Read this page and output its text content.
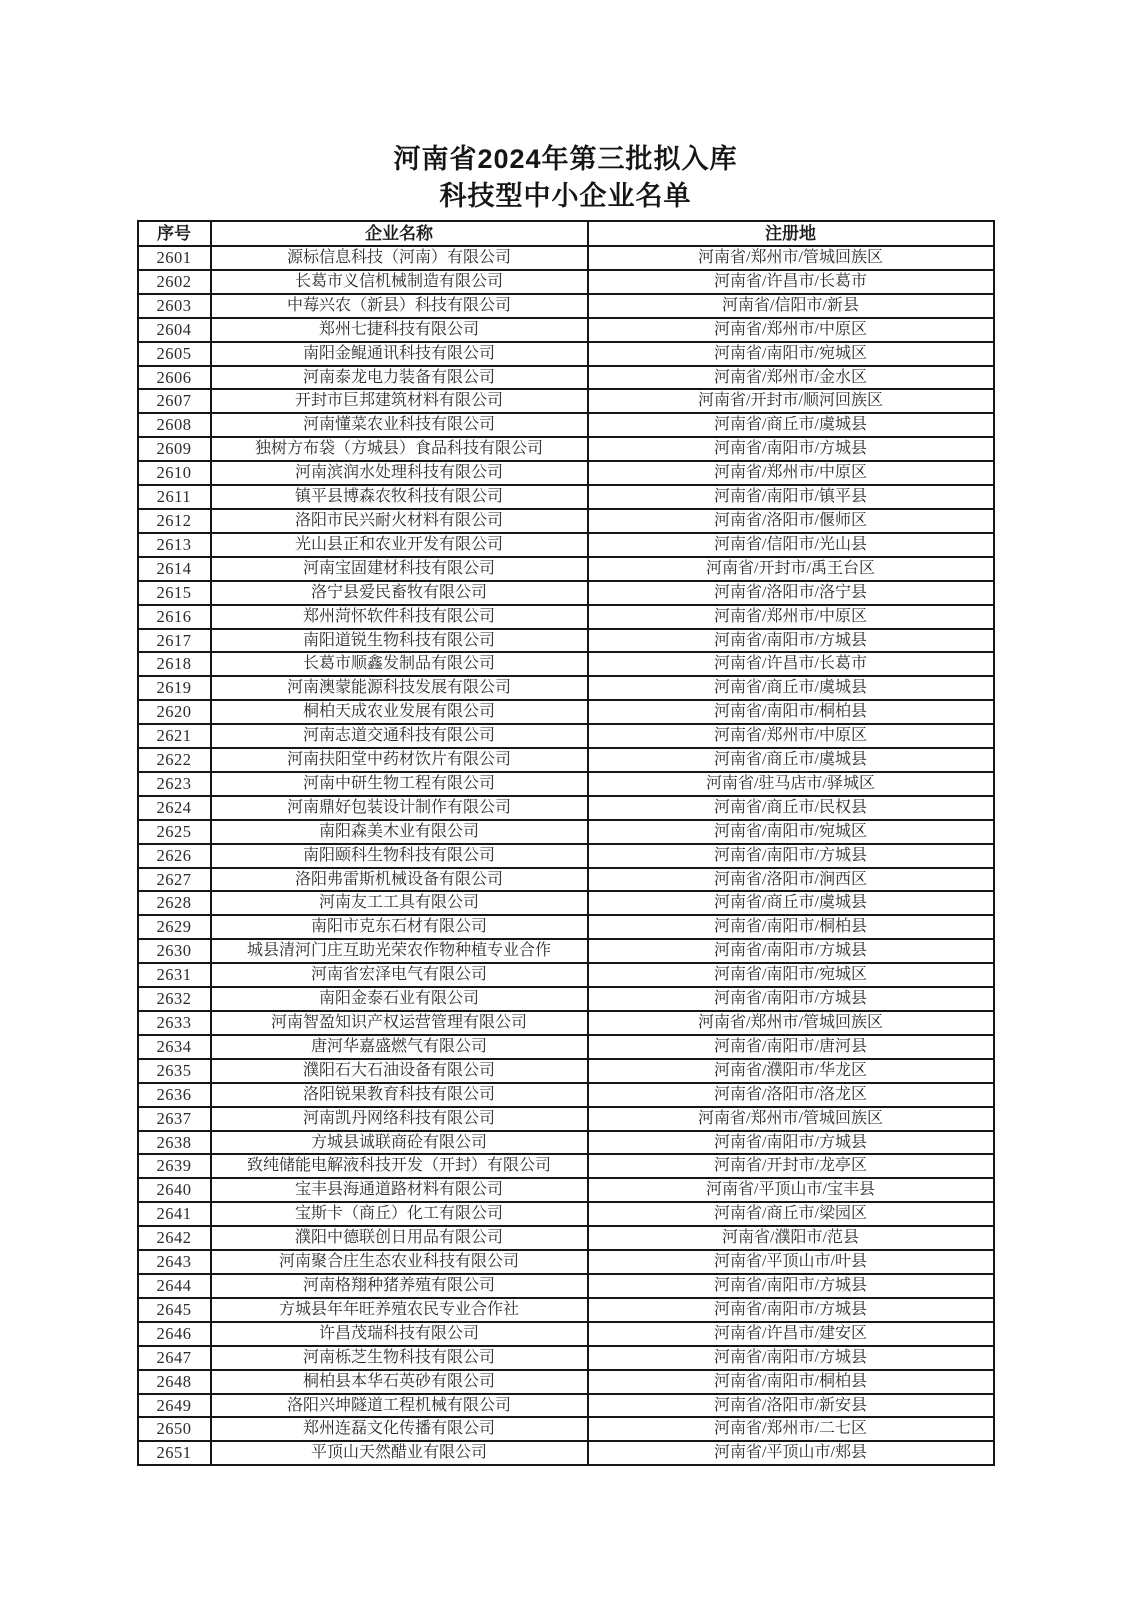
河南省2024年第三批拟入库

科技型中小企业名单

序号	企业名称	注册地
2601	源标信息科技（河南）有限公司	河南省/郑州市/管城回族区
2602	长葛市义信机械制造有限公司	河南省/许昌市/长葛市
2603	中莓兴农（新县）科技有限公司	河南省/信阳市/新县
2604	郑州七捷科技有限公司	河南省/郑州市/中原区
2605	南阳金鲲通讯科技有限公司	河南省/南阳市/宛城区
2606	河南泰龙电力装备有限公司	河南省/郑州市/金水区
2607	开封市巨邦建筑材料有限公司	河南省/开封市/顺河回族区
2608	河南懂菜农业科技有限公司	河南省/商丘市/虞城县
2609	独树方布袋（方城县）食品科技有限公司	河南省/南阳市/方城县
2610	河南滨润水处理科技有限公司	河南省/郑州市/中原区
2611	镇平县博森农牧科技有限公司	河南省/南阳市/镇平县
2612	洛阳市民兴耐火材料有限公司	河南省/洛阳市/偃师区
2613	光山县正和农业开发有限公司	河南省/信阳市/光山县
2614	河南宝固建材科技有限公司	河南省/开封市/禹王台区
2615	洛宁县爱民畜牧有限公司	河南省/洛阳市/洛宁县
2616	郑州菏怀软件科技有限公司	河南省/郑州市/中原区
2617	南阳道锐生物科技有限公司	河南省/南阳市/方城县
2618	长葛市顺鑫发制品有限公司	河南省/许昌市/长葛市
2619	河南澳蒙能源科技发展有限公司	河南省/商丘市/虞城县
2620	桐柏天成农业发展有限公司	河南省/南阳市/桐柏县
2621	河南志道交通科技有限公司	河南省/郑州市/中原区
2622	河南扶阳堂中药材饮片有限公司	河南省/商丘市/虞城县
2623	河南中研生物工程有限公司	河南省/驻马店市/驿城区
2624	河南鼎好包装设计制作有限公司	河南省/商丘市/民权县
2625	南阳森美木业有限公司	河南省/南阳市/宛城区
2626	南阳颐科生物科技有限公司	河南省/南阳市/方城县
2627	洛阳弗雷斯机械设备有限公司	河南省/洛阳市/涧西区
2628	河南友工工具有限公司	河南省/商丘市/虞城县
2629	南阳市克东石材有限公司	河南省/南阳市/桐柏县
2630	城县清河门庄互助光荣农作物种植专业合作	河南省/南阳市/方城县
2631	河南省宏泽电气有限公司	河南省/南阳市/宛城区
2632	南阳金泰石业有限公司	河南省/南阳市/方城县
2633	河南智盈知识产权运营管理有限公司	河南省/郑州市/管城回族区
2634	唐河华嘉盛燃气有限公司	河南省/南阳市/唐河县
2635	濮阳石大石油设备有限公司	河南省/濮阳市/华龙区
2636	洛阳锐果教育科技有限公司	河南省/洛阳市/洛龙区
2637	河南凯丹网络科技有限公司	河南省/郑州市/管城回族区
2638	方城县诚联商砼有限公司	河南省/南阳市/方城县
2639	致纯储能电解液科技开发（开封）有限公司	河南省/开封市/龙亭区
2640	宝丰县海通道路材料有限公司	河南省/平顶山市/宝丰县
2641	宝斯卡（商丘）化工有限公司	河南省/商丘市/梁园区
2642	濮阳中德联创日用品有限公司	河南省/濮阳市/范县
2643	河南聚合庄生态农业科技有限公司	河南省/平顶山市/叶县
2644	河南格翔种猪养殖有限公司	河南省/南阳市/方城县
2645	方城县年年旺养殖农民专业合作社	河南省/南阳市/方城县
2646	许昌茂瑞科技有限公司	河南省/许昌市/建安区
2647	河南栎芝生物科技有限公司	河南省/南阳市/方城县
2648	桐柏县本华石英砂有限公司	河南省/南阳市/桐柏县
2649	洛阳兴坤隧道工程机械有限公司	河南省/洛阳市/新安县
2650	郑州连磊文化传播有限公司	河南省/郑州市/二七区
2651	平顶山天然醋业有限公司	河南省/平顶山市/郏县
